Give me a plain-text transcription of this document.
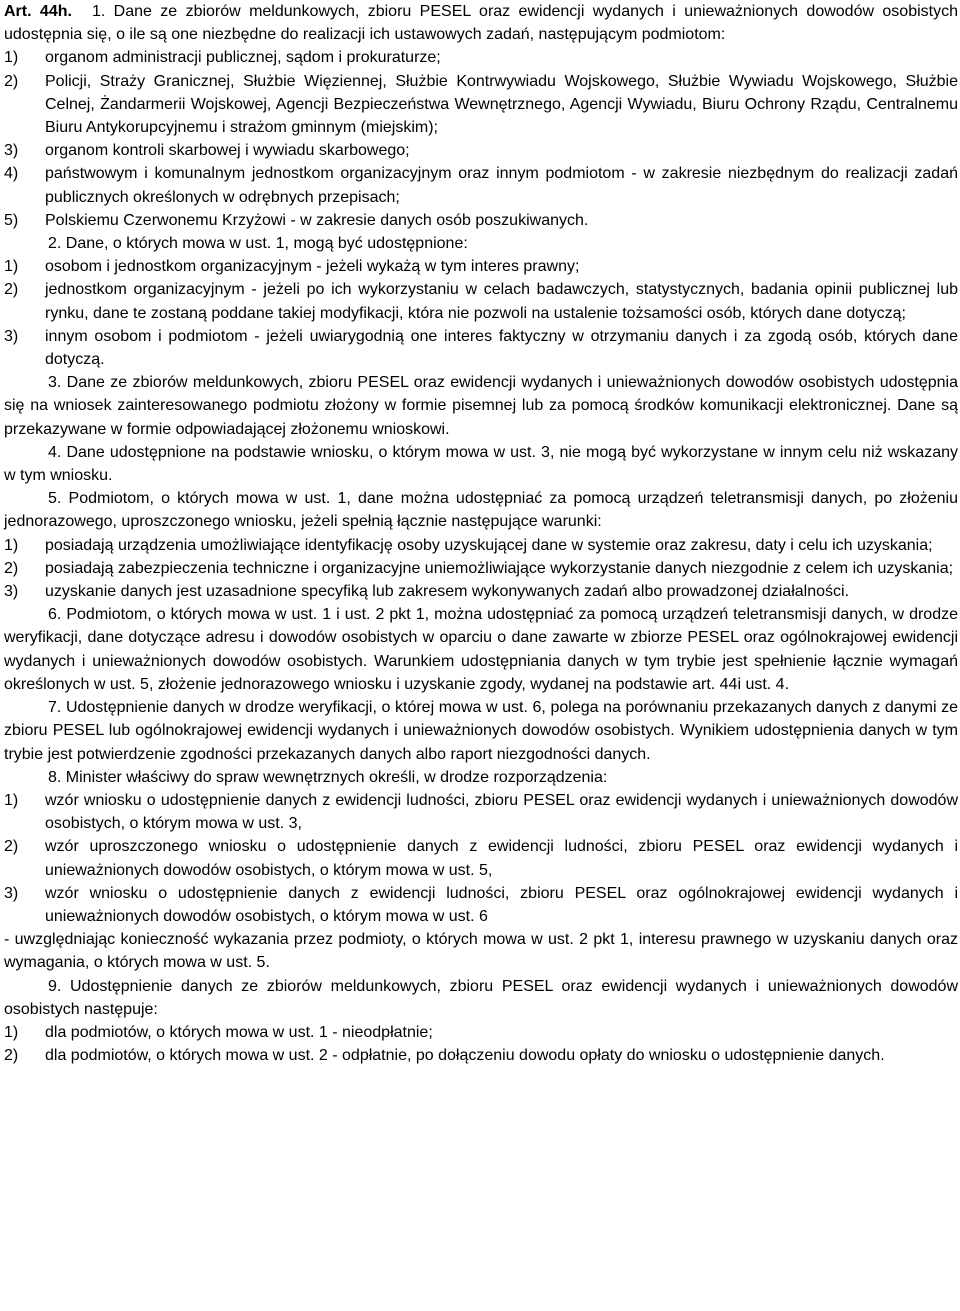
Art. 44h. 1. Dane ze zbiorów meldunkowych, zbioru PESEL oraz ewidencji wydanych i unieważnionych dowodów osobistych udostępnia się, o ile są one niezbędne do realizacji ich ustawowych zadań, następującym podmiotom:

1) organom administracji publicznej, sądom i prokuraturze;

2) Policji, Straży Granicznej, Służbie Więziennej, Służbie Kontrwywiadu Wojskowego, Służbie Wywiadu Wojskowego, Służbie Celnej, Żandarmerii Wojskowej, Agencji Bezpieczeństwa Wewnętrznego, Agencji Wywiadu, Biuru Ochrony Rządu, Centralnemu Biuru Antykorupcyjnemu i strażom gminnym (miejskim);

3) organom kontroli skarbowej i wywiadu skarbowego;

4) państwowym i komunalnym jednostkom organizacyjnym oraz innym podmiotom - w zakresie niezbędnym do realizacji zadań publicznych określonych w odrębnych przepisach;

5) Polskiemu Czerwonemu Krzyżowi - w zakresie danych osób poszukiwanych.

2. Dane, o których mowa w ust. 1, mogą być udostępnione:

1) osobom i jednostkom organizacyjnym - jeżeli wykażą w tym interes prawny;

2) jednostkom organizacyjnym - jeżeli po ich wykorzystaniu w celach badawczych, statystycznych, badania opinii publicznej lub rynku, dane te zostaną poddane takiej modyfikacji, która nie pozwoli na ustalenie tożsamości osób, których dane dotyczą;

3) innym osobom i podmiotom - jeżeli uwiarygodnią one interes faktyczny w otrzymaniu danych i za zgodą osób, których dane dotyczą.

3. Dane ze zbiorów meldunkowych, zbioru PESEL oraz ewidencji wydanych i unieważnionych dowodów osobistych udostępnia się na wniosek zainteresowanego podmiotu złożony w formie pisemnej lub za pomocą środków komunikacji elektronicznej. Dane są przekazywane w formie odpowiadającej złożonemu wnioskowi.

4. Dane udostępnione na podstawie wniosku, o którym mowa w ust. 3, nie mogą być wykorzystane w innym celu niż wskazany w tym wniosku.

5. Podmiotom, o których mowa w ust. 1, dane można udostępniać za pomocą urządzeń teletransmisji danych, po złożeniu jednorazowego, uproszczonego wniosku, jeżeli spełnią łącznie następujące warunki:

1) posiadają urządzenia umożliwiające identyfikację osoby uzyskującej dane w systemie oraz zakresu, daty i celu ich uzyskania;

2) posiadają zabezpieczenia techniczne i organizacyjne uniemożliwiające wykorzystanie danych niezgodnie z celem ich uzyskania;

3) uzyskanie danych jest uzasadnione specyfiką lub zakresem wykonywanych zadań albo prowadzonej działalności.

6. Podmiotom, o których mowa w ust. 1 i ust. 2 pkt 1, można udostępniać za pomocą urządzeń teletransmisji danych, w drodze weryfikacji, dane dotyczące adresu i dowodów osobistych w oparciu o dane zawarte w zbiorze PESEL oraz ogólnokrajowej ewidencji wydanych i unieważnionych dowodów osobistych. Warunkiem udostępniania danych w tym trybie jest spełnienie łącznie wymagań określonych w ust. 5, złożenie jednorazowego wniosku i uzyskanie zgody, wydanej na podstawie art. 44i ust. 4.

7. Udostępnienie danych w drodze weryfikacji, o której mowa w ust. 6, polega na porównaniu przekazanych danych z danymi ze zbioru PESEL lub ogólnokrajowej ewidencji wydanych i unieważnionych dowodów osobistych. Wynikiem udostępnienia danych w tym trybie jest potwierdzenie zgodności przekazanych danych albo raport niezgodności danych.

8. Minister właściwy do spraw wewnętrznych określi, w drodze rozporządzenia:

1) wzór wniosku o udostępnienie danych z ewidencji ludności, zbioru PESEL oraz ewidencji wydanych i unieważnionych dowodów osobistych, o którym mowa w ust. 3,

2) wzór uproszczonego wniosku o udostępnienie danych z ewidencji ludności, zbioru PESEL oraz ewidencji wydanych i unieważnionych dowodów osobistych, o którym mowa w ust. 5,

3) wzór wniosku o udostępnienie danych z ewidencji ludności, zbioru PESEL oraz ogólnokrajowej ewidencji wydanych i unieważnionych dowodów osobistych, o którym mowa w ust. 6

- uwzględniając konieczność wykazania przez podmioty, o których mowa w ust. 2 pkt 1, interesu prawnego w uzyskaniu danych oraz wymagania, o których mowa w ust. 5.

9. Udostępnienie danych ze zbiorów meldunkowych, zbioru PESEL oraz ewidencji wydanych i unieważnionych dowodów osobistych następuje:

1) dla podmiotów, o których mowa w ust. 1 - nieodpłatnie;

2) dla podmiotów, o których mowa w ust. 2 - odpłatnie, po dołączeniu dowodu opłaty do wniosku o udostępnienie danych.
